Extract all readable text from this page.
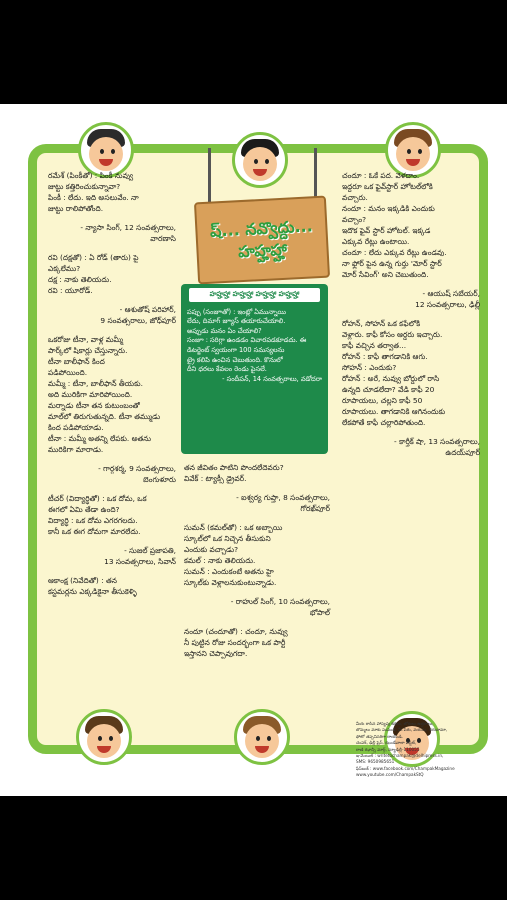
ష్... నవ్వొద్దు...
హహ్హహ్హా

రమేశ్ (పింకీతో) : పింకీ నువ్వు
జుట్టు కత్తిరించుకున్నావా?
పింకీ : లేదు. ఇది అసలువేం. నా
జుట్టు రాలిపోతోంది.

- న్యాసా సింగ్, 12 సంవత్సరాలు,
వారణాసి

రవి (దక్షతో) : ఏ రోడ్ (తారు) పై
ఎక్కలేము?
దక్ష : నాకు తెలియదు.
రవి : యూరోడ్.

- ఆశుతోష్ పరిహార్,
9 సంవత్సరాలు, జోధ్‌పూర్

ఒకరోజు టీనా, వాళ్ల మమ్మీ
పార్క్‌లో షికార్లు చేస్తున్నారు.
టీనా బాలీఫాన్ కింద
పడిపోయింది.
మమ్మీ : టీనా, బాలీఫాన్ తీయకు.
అది మురికిగా మారిపోయింది.
మర్నాడు టీనా తన కుటుంబంతో
మాల్‌లో తిరుగుతున్నది. టీనా తమ్ముడు
కింద పడిపోయాడు.
టీనా : మమ్మీ అతన్ని లేపకు. అతను
మురికిగా మారాడు.

- గార్గశర్మ, 9 సంవత్సరాలు,
బెంగుళూరు

టీచర్ (విద్యార్థితో) : ఒక దోమ, ఒక
ఈగలో ఏమి తేడా ఉంది?
విద్యార్థి : ఒక దోమ ఎగరగలదు.
కానీ ఒక ఈగ దోమగా మారలేదు.

- సుజల్ ప్రజాపతి,
13 సంవత్సరాలు, సివాన్

ఆకాంక్ష (నివేదితో) : తన
కస్టమర్లను ఎక్కడికైనా తీసుకెళ్ళి

హహ్హహ్హా హహ్హహ్హా హహ్హహ్హా హహ్హహ్హా
పప్పు (సంజూతో) : ఇంట్లో ఏమున్నాయి
లేదు, దిమాగ్ జ్యూస్ తయారుచేయాలి.
అప్పుడు మనం ఏం చేయాలి?
సంజూ : సరిగ్గా ఉండడం విచారపడకూడదు. ఈ
డిటర్జెంట్ స్వయంగా 100 సమస్యలను
ట్రై కలిపి ఉంచిన చెబుతుంది. కొనులో
దీని ధరలు కేవలం రెండు పైసలే.
- సందీపన్, 14 సంవత్సరాలు, వడోదరా

తన జీవితం పాటిని పొందలేదెవరు?
వివేక్ : ట్యాక్సీ డ్రైవర్.

- ఐశ్వర్య గుప్తా, 8 సంవత్సరాలు,
గోరఖ్‌పూర్

సుమన్ (కమల్‌తో) : ఒక అబ్బాయి
స్కూల్‌లో ఒక నిచ్చెన తీసుకుని
ఎందుకు వచ్చాడు?
కమల్ : నాకు తెలియదు.
సుమన్ : ఎందుకంటే అతను హై
స్కూల్‌కు వెళ్లాలనుకుంటున్నాడు.

- రాహుల్ సింగ్, 10 సంవత్సరాలు,
భోపాల్

నందూ (చందూతో) : చందూ, నువ్వు
నీ పుట్టిన రోజు సందర్భంగా ఒక పార్టీ
ఇస్తానని చెప్పావుగదా.

చందూ : ఓకే పద. వెళదాం.
ఇద్దరూ ఒక ఫైవ్‌స్టార్ హోటల్‌లోకి
వచ్చారు.
నందూ : మనం ఇక్కడికి ఎందుకు
వచ్చాం?
ఇదొక ఫైవ్ స్టార్ హోటల్. ఇక్కడ
ఎక్కువ రేట్లు ఉంటాయి.
చందూ : లేదు ఎక్కువ రేట్లు ఉండవు.
నా ఫ్లోర్ పైన ఉన్న గుర్తు 'మోర్ స్టార్
మోర్ సేవింగ్' అని చెబుతుంది.

- ఆయుష్ సబేయర్,
12 సంవత్సరాలు, ఢిల్లీ

రోహన్, సోహన్ ఒక కఫేలోకి
వెళ్లారు. కాఫీ కోసం ఆర్డరు ఇచ్చారు.
కాఫీ వచ్చిన తర్వాత...
రోహన్ : కాఫీ తాగడానికి ఆగు.
సోహన్ : ఎందుకు?
రోహన్ : అరే, నువ్వు బోర్డులో రాసి
ఉన్నది చూడలేదా? వేడి కాఫీ 20
రూపాయలు, చల్లని కాఫీ 50
రూపాయలు. తాగడానికి ఆగినందుకు
లేకపోతే కాఫీ చల్లారిపోతుంది.

- కార్తీక్ షా, 13 సంవత్సరాలు,
ఉదయ్‌పూర్

మీరు రాసిన హాస్యపు కథలు, జోకులు ఉత్తరాలు,
బొమ్మలు మాకు పంపండి. మీ పేరు, వయసు, చిరునామా,
ఫోటో తప్పనిసరిగా రాయండి.
చంపక్, ఢిల్లీ ప్రెస్, ఝండేవాలా ఎస్టేట్,
రాణి ఝాన్సీ మార్గ్, న్యూఢిల్లీ-110055
ఇ-మెయిల్ : writetochampak@delhipress.in,
SMS: 9650985651
ఫేస్‌బుక్ : www.facebook.com/ChampakMagazine
www.youtube.com/ChampakStQ
